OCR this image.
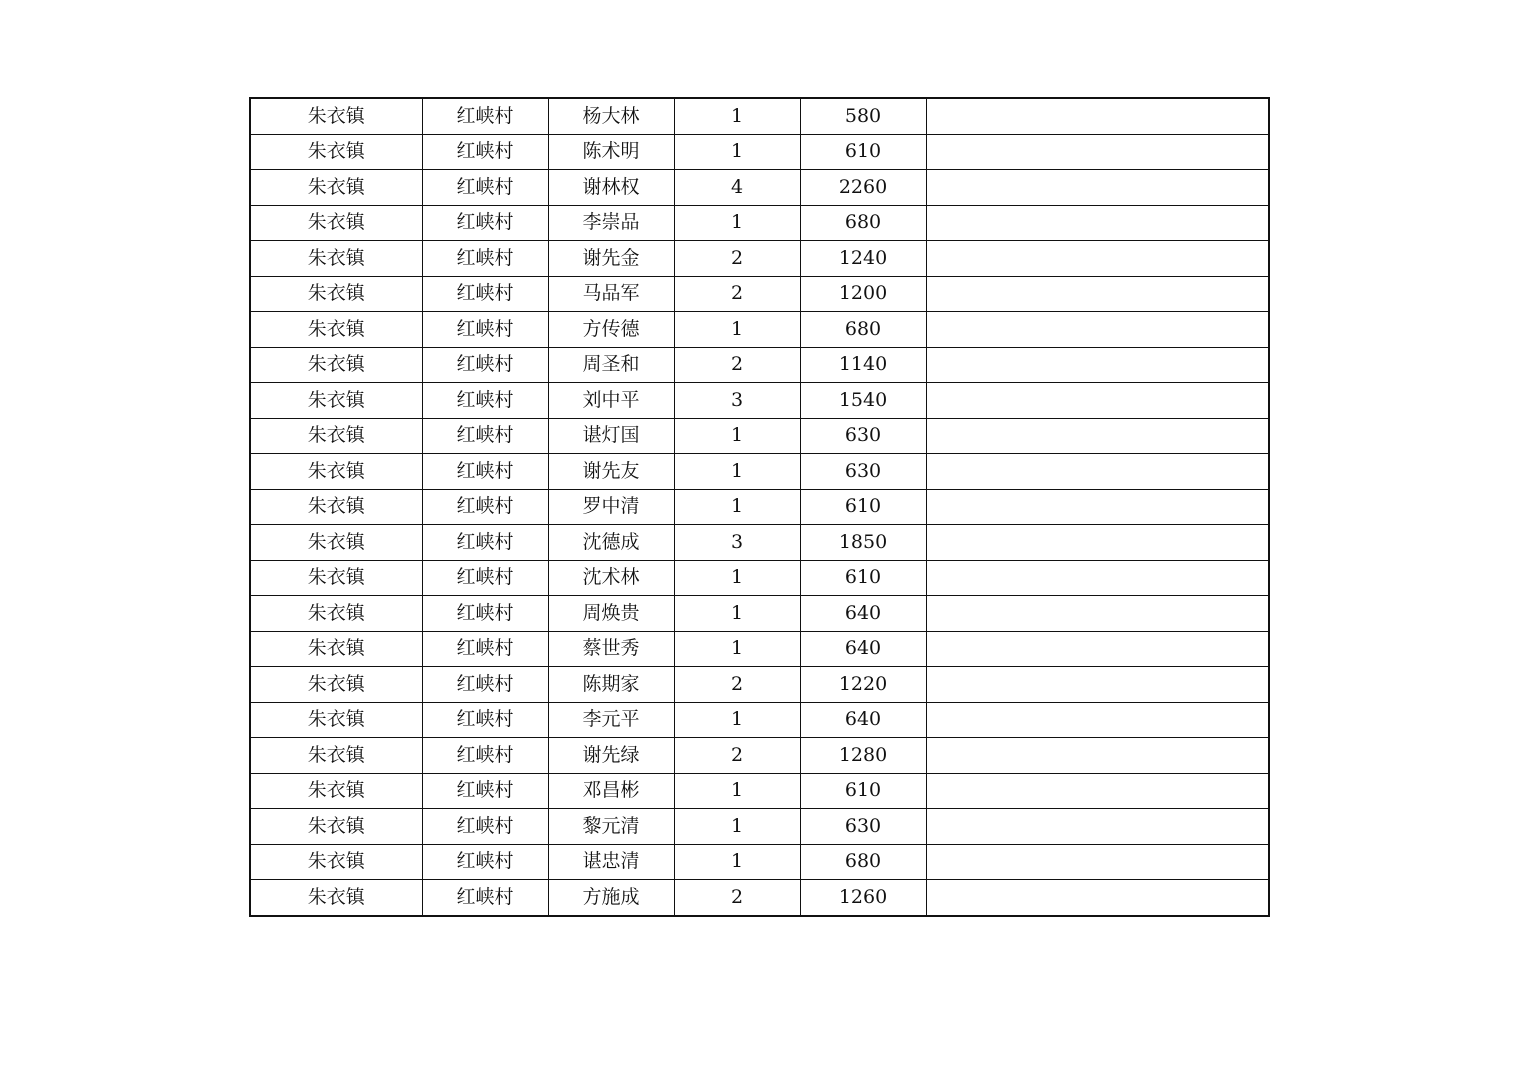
朱衣镇	红峡村	杨大林	1	580	
朱衣镇	红峡村	陈术明	1	610	
朱衣镇	红峡村	谢林权	4	2260	
朱衣镇	红峡村	李崇品	1	680	
朱衣镇	红峡村	谢先金	2	1240	
朱衣镇	红峡村	马品军	2	1200	
朱衣镇	红峡村	方传德	1	680	
朱衣镇	红峡村	周圣和	2	1140	
朱衣镇	红峡村	刘中平	3	1540	
朱衣镇	红峡村	谌灯国	1	630	
朱衣镇	红峡村	谢先友	1	630	
朱衣镇	红峡村	罗中清	1	610	
朱衣镇	红峡村	沈德成	3	1850	
朱衣镇	红峡村	沈术林	1	610	
朱衣镇	红峡村	周焕贵	1	640	
朱衣镇	红峡村	蔡世秀	1	640	
朱衣镇	红峡村	陈期家	2	1220	
朱衣镇	红峡村	李元平	1	640	
朱衣镇	红峡村	谢先绿	2	1280	
朱衣镇	红峡村	邓昌彬	1	610	
朱衣镇	红峡村	黎元清	1	630	
朱衣镇	红峡村	谌忠清	1	680	
朱衣镇	红峡村	方施成	2	1260	
